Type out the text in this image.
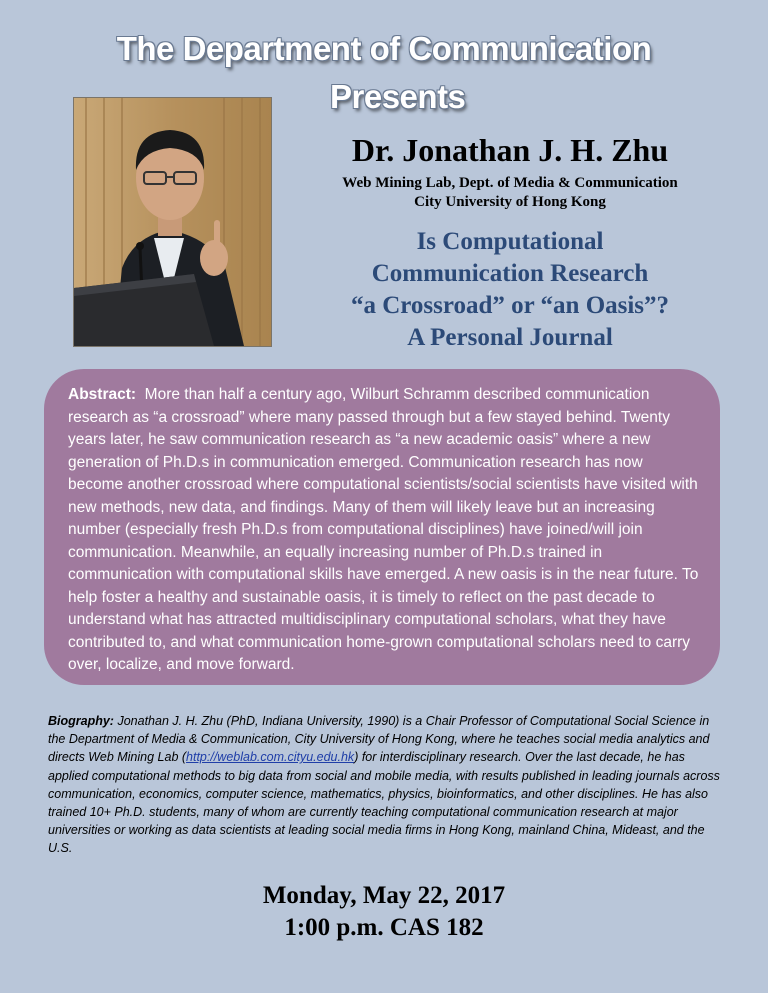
The Department of Communication
Presents
Dr. Jonathan J. H. Zhu
Web Mining Lab, Dept. of Media & Communication
City University of Hong Kong
Is Computational
Communication Research
“a Crossroad” or “an Oasis”?
A Personal Journal

Abstract: More than half a century ago, Wilburt Schramm described communication research as “a crossroad” where many passed through but a few stayed behind. Twenty years later, he saw communication research as “a new academic oasis” where a new generation of Ph.D.s in communication emerged. Communication research has now become another crossroad where computational scientists/social scientists have visited with new methods, new data, and findings. Many of them will likely leave but an increasing number (especially fresh Ph.D.s from computational disciplines) have joined/will join communication. Meanwhile, an equally increasing number of Ph.D.s trained in communication with computational skills have emerged. A new oasis is in the near future. To help foster a healthy and sustainable oasis, it is timely to reflect on the past decade to understand what has attracted multidisciplinary computational scholars, what they have contributed to, and what communication home-grown computational scholars need to carry over, localize, and move forward.

Biography: Jonathan J. H. Zhu (PhD, Indiana University, 1990) is a Chair Professor of Computational Social Science in the Department of Media & Communication, City University of Hong Kong, where he teaches social media analytics and directs Web Mining Lab (http://weblab.com.cityu.edu.hk) for interdisciplinary research. Over the last decade, he has applied computational methods to big data from social and mobile media, with results published in leading journals across communication, economics, computer science, mathematics, physics, bioinformatics, and other disciplines. He has also trained 10+ Ph.D. students, many of whom are currently teaching computational communication research at major universities or working as data scientists at leading social media firms in Hong Kong, mainland China, Mideast, and the U.S.
Monday, May 22, 2017
1:00 p.m. CAS 182
